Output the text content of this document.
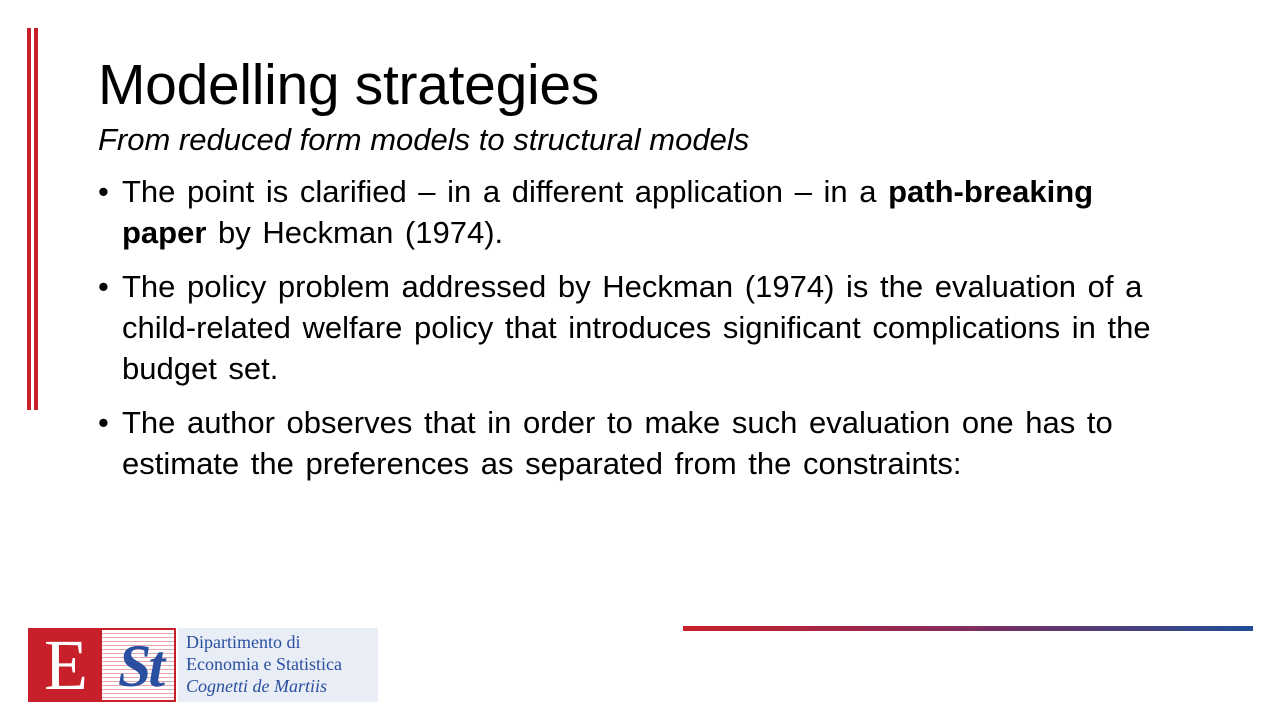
Modelling strategies
From reduced form models to structural models
• The point is clarified – in a different application – in a path-breaking paper by Heckman (1974).
• The policy problem addressed by Heckman (1974) is the evaluation of a child-related welfare policy that introduces significant complications in the budget set.
• The author observes that in order to make such evaluation one has to estimate the preferences as separated from the constraints:
E St	Dipartimento di
Economia e Statistica
Cognetti de Martiis
